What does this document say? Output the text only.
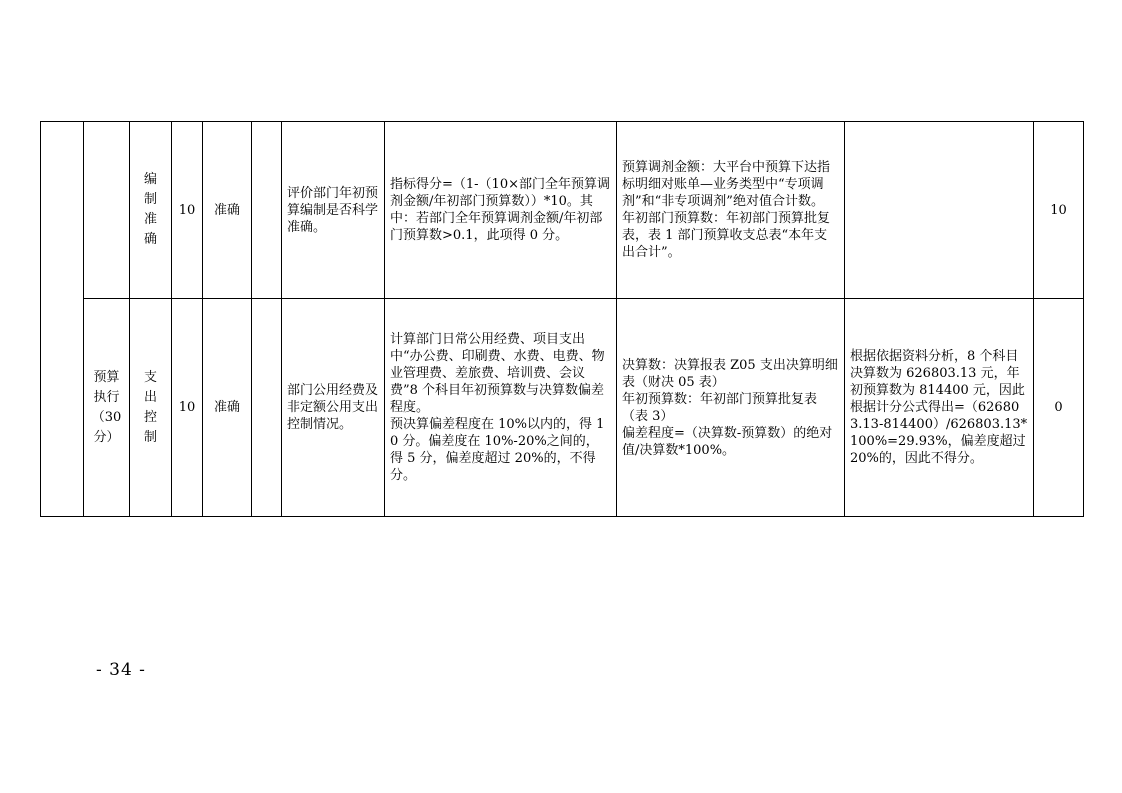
		编制准确	10	准确		评价部门年初预算编制是否科学准确。	指标得分=（1-（10×部门全年预算调剂金额/年初部门预算数））*10。其中：若部门全年预算调剂金额/年初部门预算数>0.1，此项得 0 分。	预算调剂金额：大平台中预算下达指标明细对账单—业务类型中“专项调剂”和“非专项调剂”绝对值合计数。
年初部门预算数：年初部门预算批复表，表 1 部门预算收支总表“本年支出合计”。		10
	预算执行（30分）	支出控制	10	准确		部门公用经费及非定额公用支出控制情况。	计算部门日常公用经费、项目支出中“办公费、印刷费、水费、电费、物业管理费、差旅费、培训费、会议费”8 个科目年初预算数与决算数偏差程度。
预决算偏差程度在 10%以内的，得 10 分。偏差度在 10%-20%之间的，得 5 分，偏差度超过 20%的，不得分。	决算数：决算报表 Z05 支出决算明细表（财决 05 表）
年初预算数：年初部门预算批复表（表 3）
偏差程度=（决算数-预算数）的绝对值/决算数*100%。	根据依据资料分析，8 个科目决算数为 626803.13 元，年初预算数为 814400 元，因此根据计分公式得出=（626803.13-814400）/626803.13*100%=29.93%，偏差度超过 20%的，因此不得分。	0
- 34 -
